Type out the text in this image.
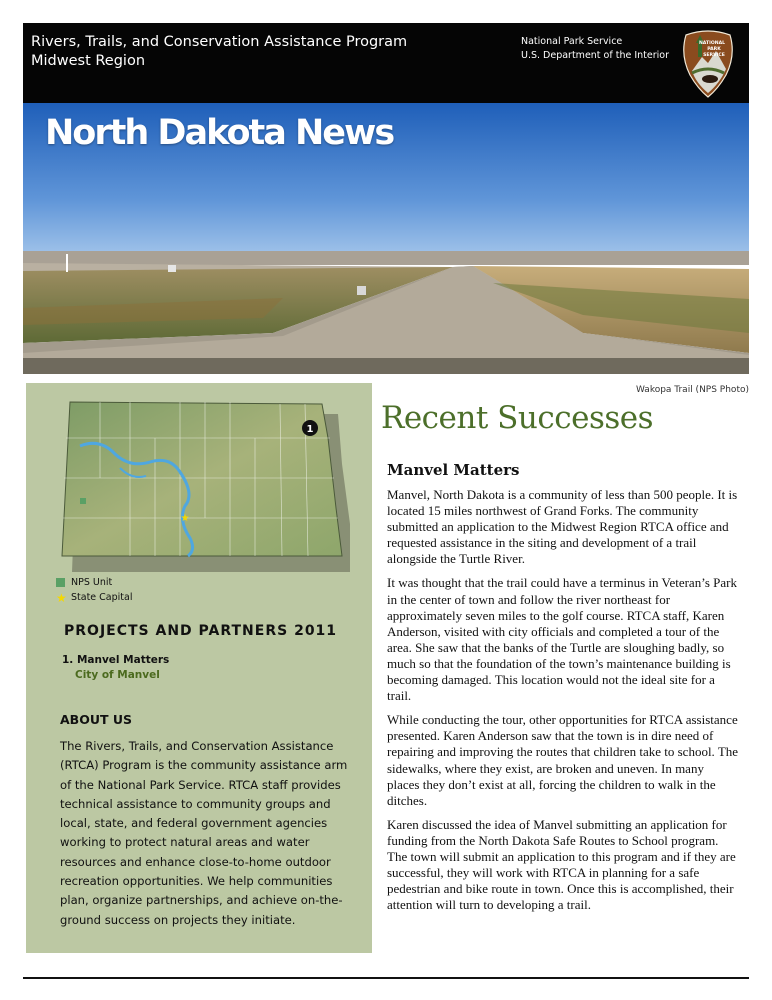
Rivers, Trails, and Conservation Assistance Program
Midwest Region
National Park Service
U.S. Department of the Interior
NATIONAL
PARK
SERVICE
North Dakota News
Wakopa Trail (NPS Photo)
★
1
NPS Unit
★ State Capital
PROJECTS AND PARTNERS 2011
1. Manvel Matters
City of Manvel
ABOUT US
The Rivers, Trails, and Conservation Assistance (RTCA) Program is the community assistance arm of the National Park Service. RTCA staff provides technical assistance to community groups and local, state, and federal government agencies working to protect natural areas and water resources and enhance close-to-home outdoor recreation opportunities. We help communities plan, organize partnerships, and achieve on-the-ground success on projects they initiate.
Recent Successes
Manvel Matters

Manvel, North Dakota is a community of less than 500 people. It is located 15 miles northwest of Grand Forks. The community submitted an application to the Midwest Region RTCA office and requested assistance in the siting and development of a trail alongside the Turtle River.

It was thought that the trail could have a terminus in Veteran’s Park in the center of town and follow the river northeast for approximately seven miles to the golf course. RTCA staff, Karen Anderson, visited with city officials and completed a tour of the area. She saw that the banks of the Turtle are sloughing badly, so much so that the foundation of the town’s maintenance building is becoming damaged. This location would not the ideal site for a trail.

While conducting the tour, other opportunities for RTCA assistance presented. Karen Anderson saw that the town is in dire need of repairing and improving the routes that children take to school. The sidewalks, where they exist, are broken and uneven. In many places they don’t exist at all, forcing the children to walk in the ditches.

Karen discussed the idea of Manvel submitting an application for funding from the North Dakota Safe Routes to School program. The town will submit an application to this program and if they are successful, they will work with RTCA in planning for a safe pedestrian and bike route in town. Once this is accomplished, their attention will turn to developing a trail.
